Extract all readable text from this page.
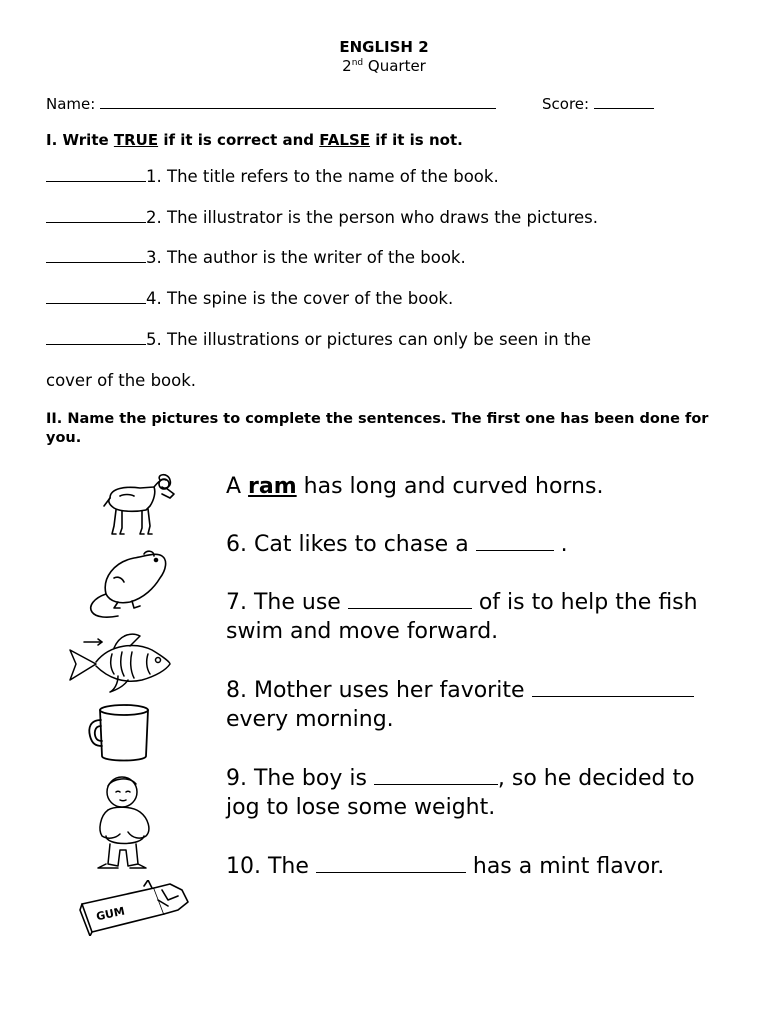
ENGLISH 2
2nd Quarter
Name:	Score:
I. Write TRUE if it is correct and FALSE if it is not.
1. The title refers to the name of the book.
2. The illustrator is the person who draws the pictures.
3. The author is the writer of the book.
4. The spine is the cover of the book.
5. The illustrations or pictures can only be seen in the
cover of the book.
II. Name the pictures to complete the sentences. The first one has been done for you.
A ram has long and curved horns.
6. Cat likes to chase a	.
7. The use	of is to help the fish swim and move forward.
8. Mother uses her favorite  every morning.
9. The boy is	, so he decided to jog to lose some weight.
10. The	has a mint flavor.
GUM
